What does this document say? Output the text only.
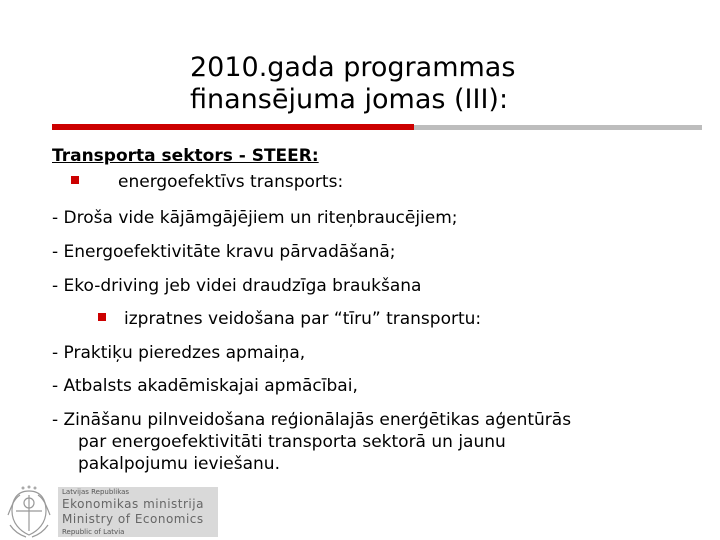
2010.gada programmas
finansējuma jomas (III):
Transporta sektors - STEER:
energoefektīvs transports:
- Droša vide kājāmgājējiem un riteņbraucējiem;
- Energoefektivitāte kravu pārvadāšanā;
- Eko-driving jeb videi draudzīga braukšana
izpratnes veidošana par “tīru” transportu:
- Praktiķu pieredzes apmaiņa,
- Atbalsts akadēmiskajai apmācībai,
- Zināšanu pilnveidošana reģionālajās enerģētikas aģentūrās
par energoefektivitāti transporta sektorā un jaunu
pakalpojumu ieviešanu.
Latvijas Republikas
Ekonomikas ministrija
Ministry of Economics
Republic of Latvia
